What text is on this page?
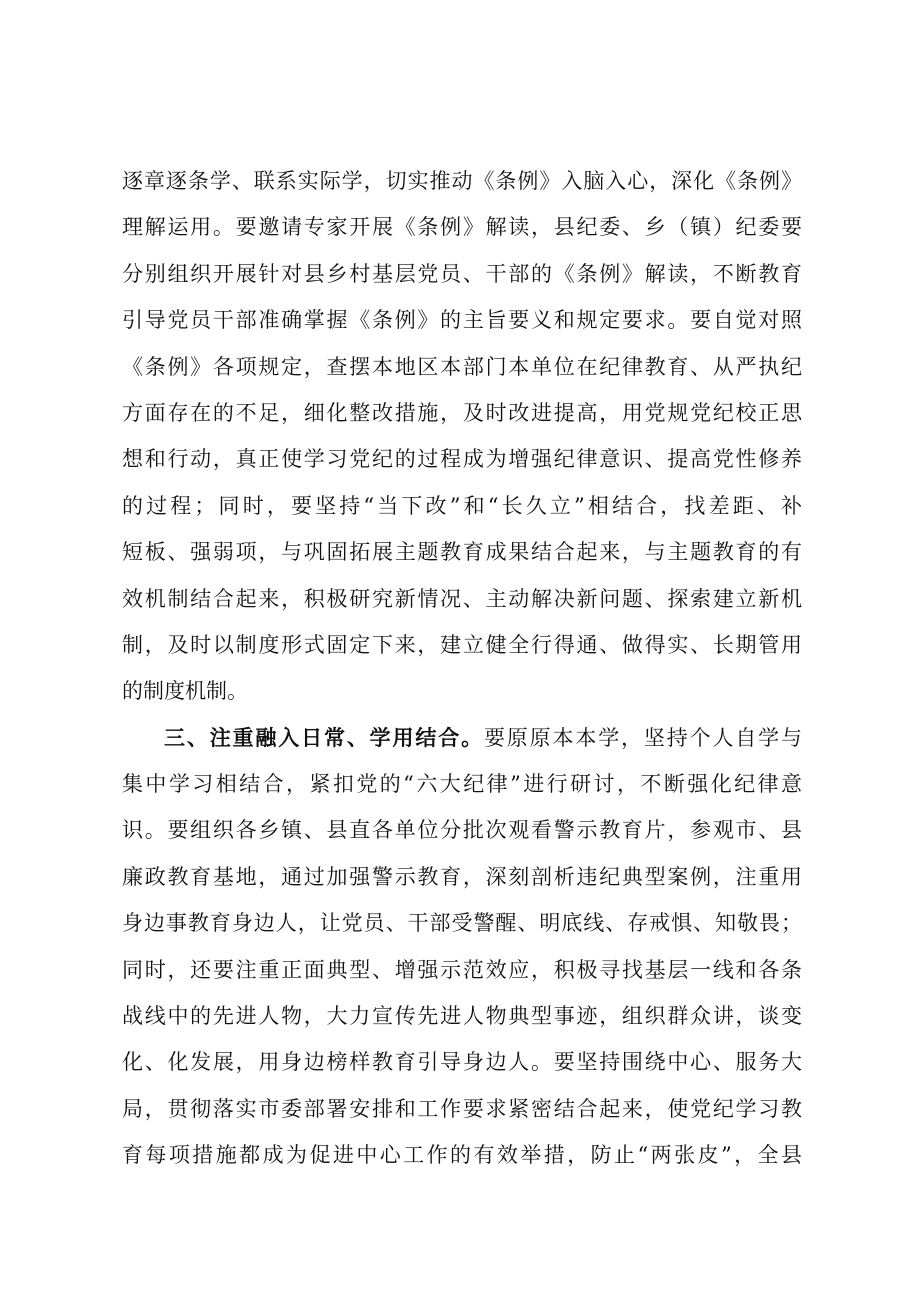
逐章逐条学、联系实际学，切实推动《条例》入脑入心，深化《条例》
理解运用。要邀请专家开展《条例》解读，县纪委、乡（镇）纪委要
分别组织开展针对县乡村基层党员、干部的《条例》解读，不断教育
引导党员干部准确掌握《条例》的主旨要义和规定要求。要自觉对照
《条例》各项规定，查摆本地区本部门本单位在纪律教育、从严执纪
方面存在的不足，细化整改措施，及时改进提高，用党规党纪校正思
想和行动，真正使学习党纪的过程成为增强纪律意识、提高党性修养
的过程；同时，要坚持“当下改”和“长久立”相结合，找差距、补
短板、强弱项，与巩固拓展主题教育成果结合起来，与主题教育的有
效机制结合起来，积极研究新情况、主动解决新问题、探索建立新机
制，及时以制度形式固定下来，建立健全行得通、做得实、长期管用
的制度机制。
三、注重融入日常、学用结合。要原原本本学，坚持个人自学与
集中学习相结合，紧扣党的“六大纪律”进行研讨，不断强化纪律意
识。要组织各乡镇、县直各单位分批次观看警示教育片，参观市、县
廉政教育基地，通过加强警示教育，深刻剖析违纪典型案例，注重用
身边事教育身边人，让党员、干部受警醒、明底线、存戒惧、知敬畏；
同时，还要注重正面典型、增强示范效应，积极寻找基层一线和各条
战线中的先进人物，大力宣传先进人物典型事迹，组织群众讲，谈变
化、化发展，用身边榜样教育引导身边人。要坚持围绕中心、服务大
局，贯彻落实市委部署安排和工作要求紧密结合起来，使党纪学习教
育每项措施都成为促进中心工作的有效举措，防止“两张皮”，全县
